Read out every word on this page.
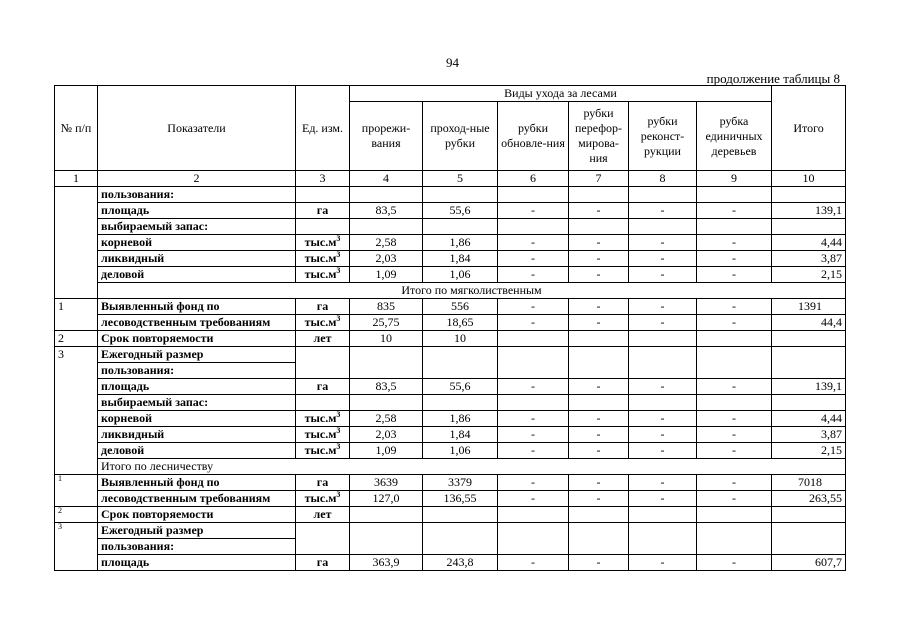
94
продолжение таблицы 8
№ п/п	Показатели	Ед. изм.	Виды ухода за лесами						Итого
			прорежи-вания	проход-ные рубки	рубки обновле-ния	рубки перефор-мирова-ния	рубки реконст-рукции	рубка единичных деревьев	
1	2	3	4	5	6	7	8	9	10
	пользования:								
	площадь	га	83,5	55,6	-	-	-	-	139,1
	выбираемый запас:								
	корневой	$тыс.м^3$	2,58	1,86	-	-	-	-	4,44
	ликвидный	$тыс.м^3$	2,03	1,84	-	-	-	-	3,87
	деловой	$тыс.м^3$	1,09	1,06	-	-	-	-	2,15
	Итого по мягколиственным								
1	Выявленный фонд по	га	835	556	-	-	-	-	1391
	лесоводственным требованиям	$тыс.м^3$	25,75	18,65	-	-	-	-	44,4
2	Срок повторяемости	лет	10	10					
3	Ежегодный размер								
	пользования:								
	площадь	га	83,5	55,6	-	-	-	-	139,1
	выбираемый запас:								
	корневой	$тыс.м^3$	2,58	1,86	-	-	-	-	4,44
	ликвидный	$тыс.м^3$	2,03	1,84	-	-	-	-	3,87
	деловой	$тыс.м^3$	1,09	1,06	-	-	-	-	2,15
	Итого по лесничеству								
$^1$	Выявленный фонд по	га	3639	3379	-	-	-	-	7018
	лесоводственным требованиям	$тыс.м^3$	127,0	136,55	-	-	-	-	263,55
$^2$	Срок повторяемости	лет							
$^3$	Ежегодный размер								
	пользования:								
	площадь	га	363,9	243,8	-	-	-	-	607,7
